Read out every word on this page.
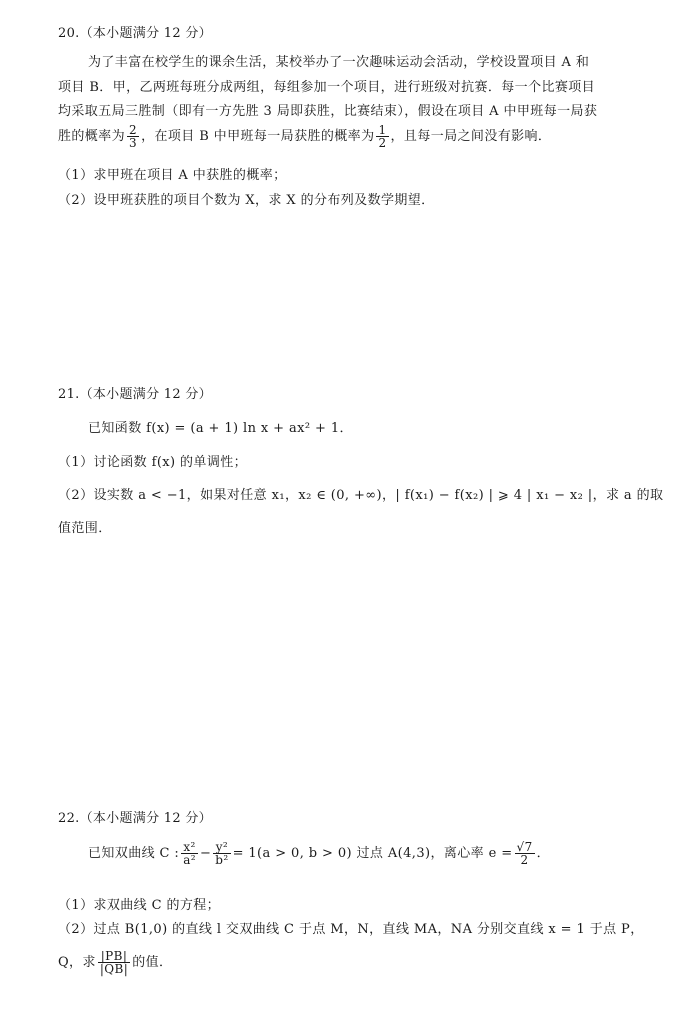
20.（本小题满分 12 分）
为了丰富在校学生的课余生活，某校举办了一次趣味运动会活动，学校设置项目 A 和
项目 B．甲，乙两班每班分成两组，每组参加一个项目，进行班级对抗赛．每一个比赛项目
均采取五局三胜制（即有一方先胜 3 局即获胜，比赛结束），假设在项目 A 中甲班每一局获
胜的概率为 $\frac{2}{3}$ ，在项目 B 中甲班每一局获胜的概率为 $\frac{1}{2}$ ，且每一局之间没有影响．
（1）求甲班在项目 A 中获胜的概率；
（2）设甲班获胜的项目个数为 X，求 X 的分布列及数学期望．
21.（本小题满分 12 分）
已知函数 f(x) = (a + 1) ln x + ax² + 1．
（1）讨论函数 f(x) 的单调性；
（2）设实数 a < −1，如果对任意 x₁，x₂ ∈ (0, +∞)，| f(x₁) − f(x₂) | ⩾ 4 | x₁ − x₂ |，求 a 的取
值范围．
22.（本小题满分 12 分）
已知双曲线 C : $\frac{\text{x²}}{\text{a²}} - \frac{\text{y²}}{\text{b²}} = 1(a > 0$, b > 0) 过点 A(4,3)，离心率 $e = \frac{√7}{2}$ ．
（1）求双曲线 C 的方程；
（2）过点 B(1,0) 的直线 l 交双曲线 C 于点 M，N，直线 MA，NA 分别交直线 x = 1 于点 P，
Q，求 $\frac{|PB|}{|QB|}$ 的值．
